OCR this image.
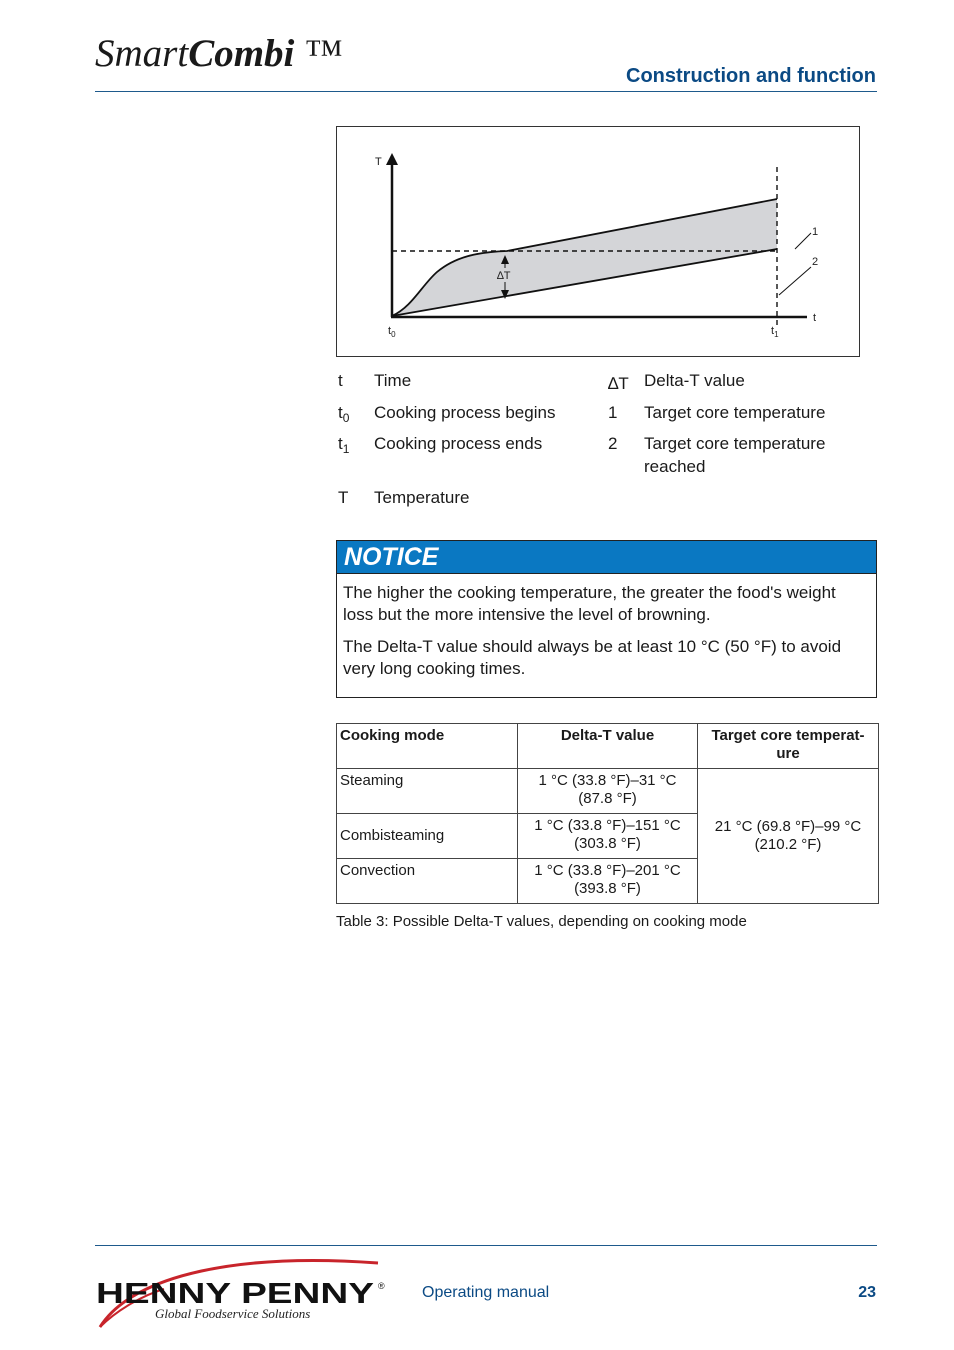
SmartCombi ™
Construction and function
∆T
1
2
T
t
$t_0$	$t_1$
t Time
$t_0$ Cooking process begins
$t_1$ Cooking process ends
T Temperature
∆T Delta-T value
1 Target core temperature
2 Target core temperature reached
NOTICE

The higher the cooking temperature, the greater the food's weight loss but the more intensive the level of browning.

The Delta-T value should always be at least 10 °C (50 °F) to avoid very long cooking times.

Cooking mode	Delta-T value	Target core temperat-ure
Steaming	1 °C (33.8 °F)–31 °C (87.8 °F)	21 °C (69.8 °F)–99 °C (210.2 °F)
Combisteaming	1 °C (33.8 °F)–151 °C (303.8 °F)	
Convection	1 °C (33.8 °F)–201 °C (393.8 °F)	
Table 3: Possible Delta-T values, depending on cooking mode
HENNY PENNY ®
Global Foodservice Solutions
Operating manual	23
